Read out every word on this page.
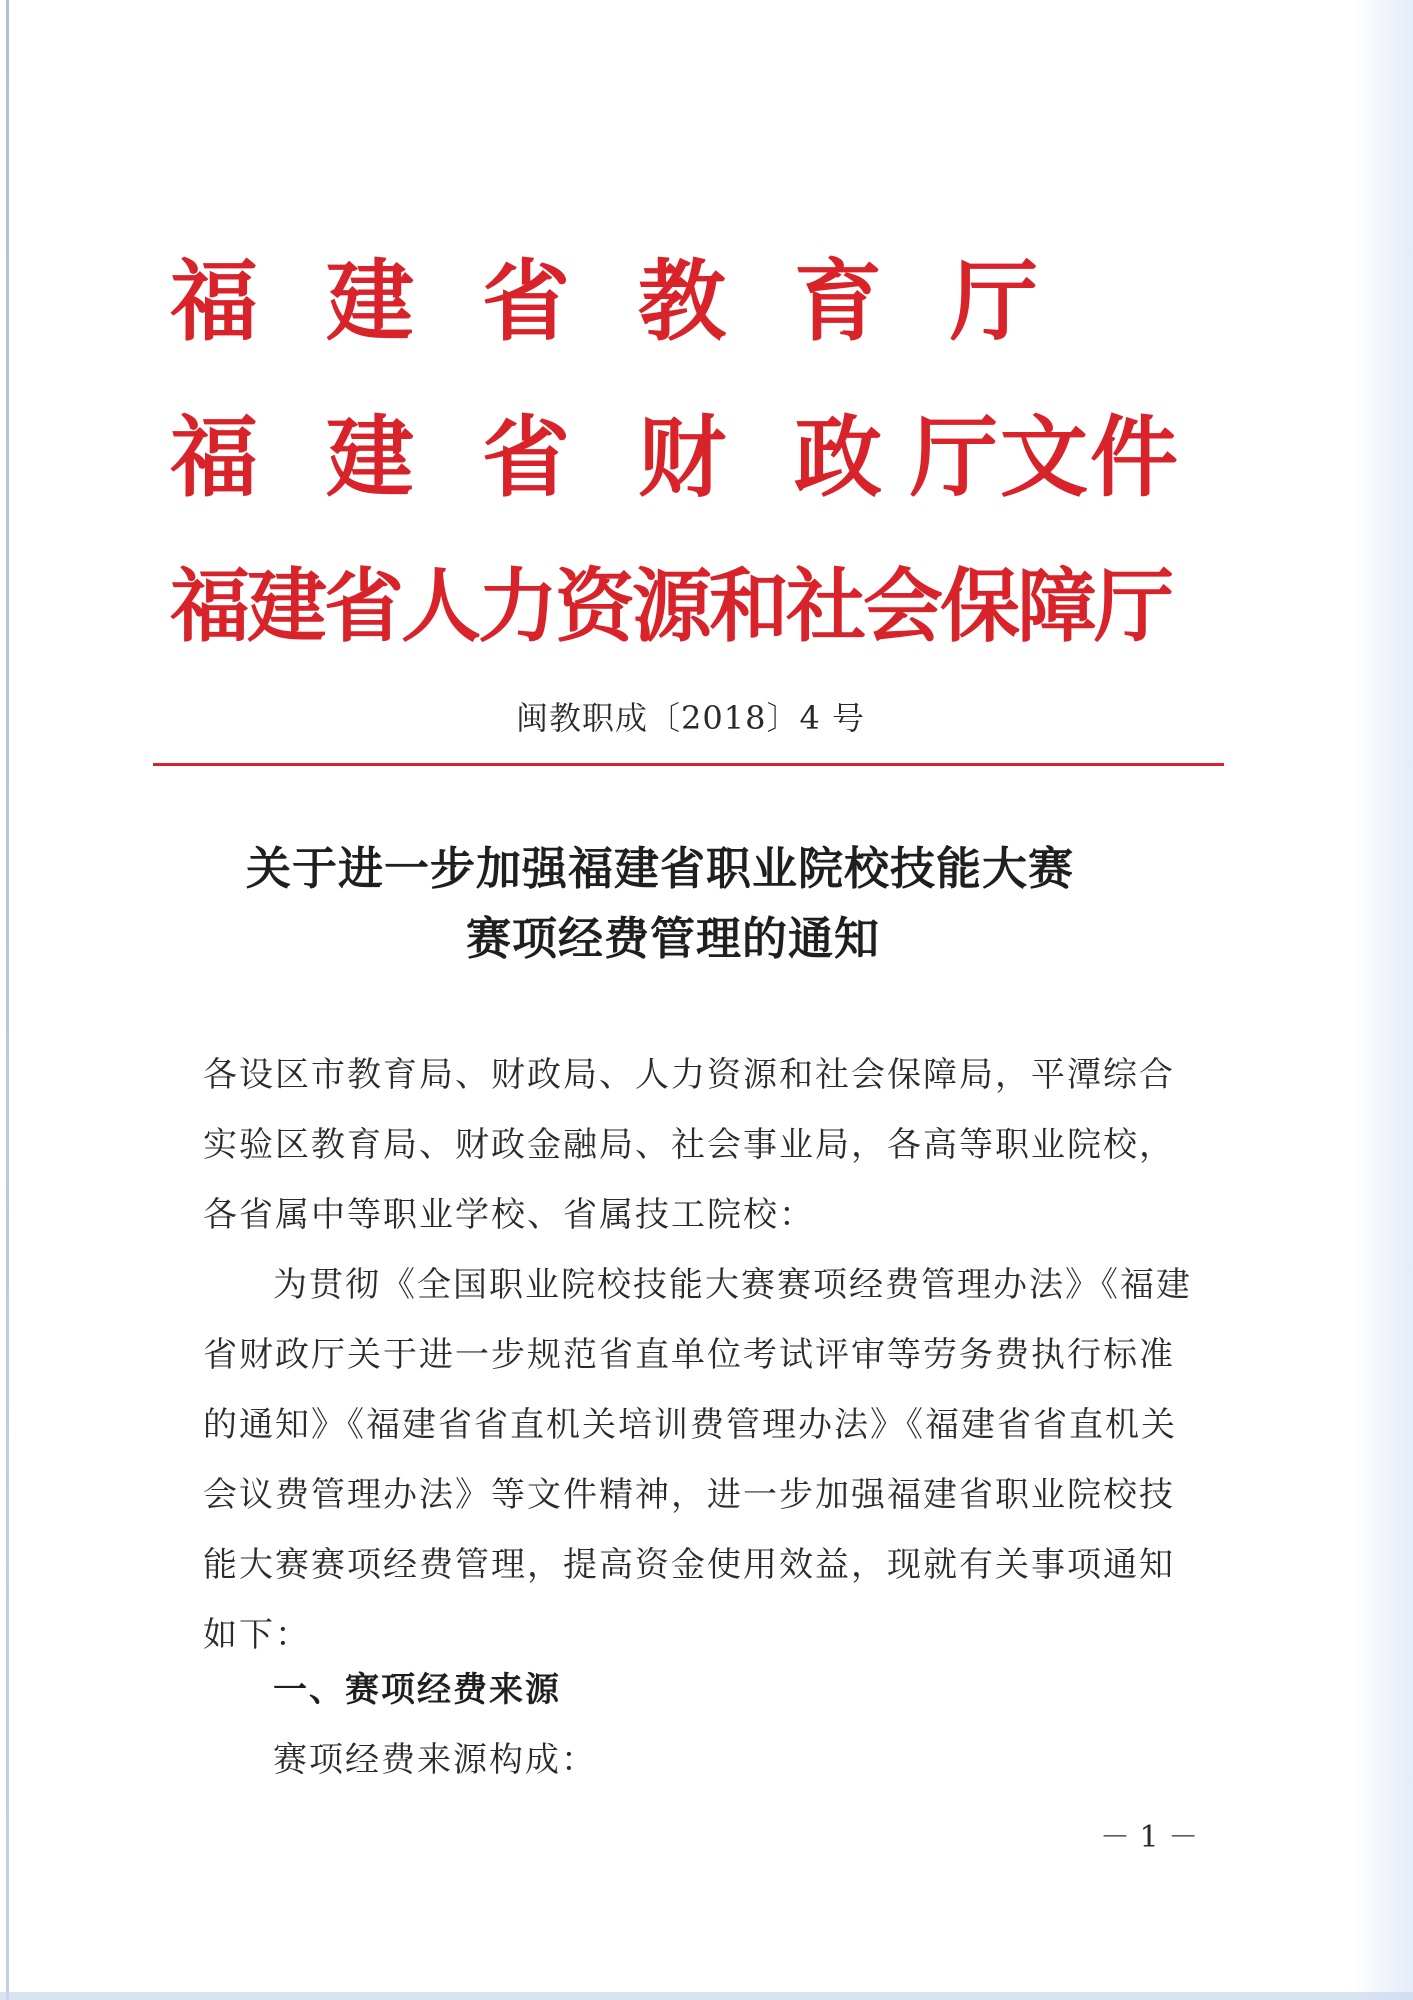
福建省教育厅
福建省财政厅文件
福建省人力资源和社会保障厅
闽教职成〔2018〕4 号
关于进一步加强福建省职业院校技能大赛
赛项经费管理的通知
各设区市教育局、财政局、人力资源和社会保障局，平潭综合实验区教育局、财政金融局、社会事业局，各高等职业院校，各省属中等职业学校、省属技工院校：
为贯彻《全国职业院校技能大赛赛项经费管理办法》《福建省财政厅关于进一步规范省直单位考试评审等劳务费执行标准的通知》《福建省省直机关培训费管理办法》《福建省省直机关会议费管理办法》等文件精神，进一步加强福建省职业院校技能大赛赛项经费管理，提高资金使用效益，现就有关事项通知如下：
一、赛项经费来源
赛项经费来源构成：
－ 1 －
